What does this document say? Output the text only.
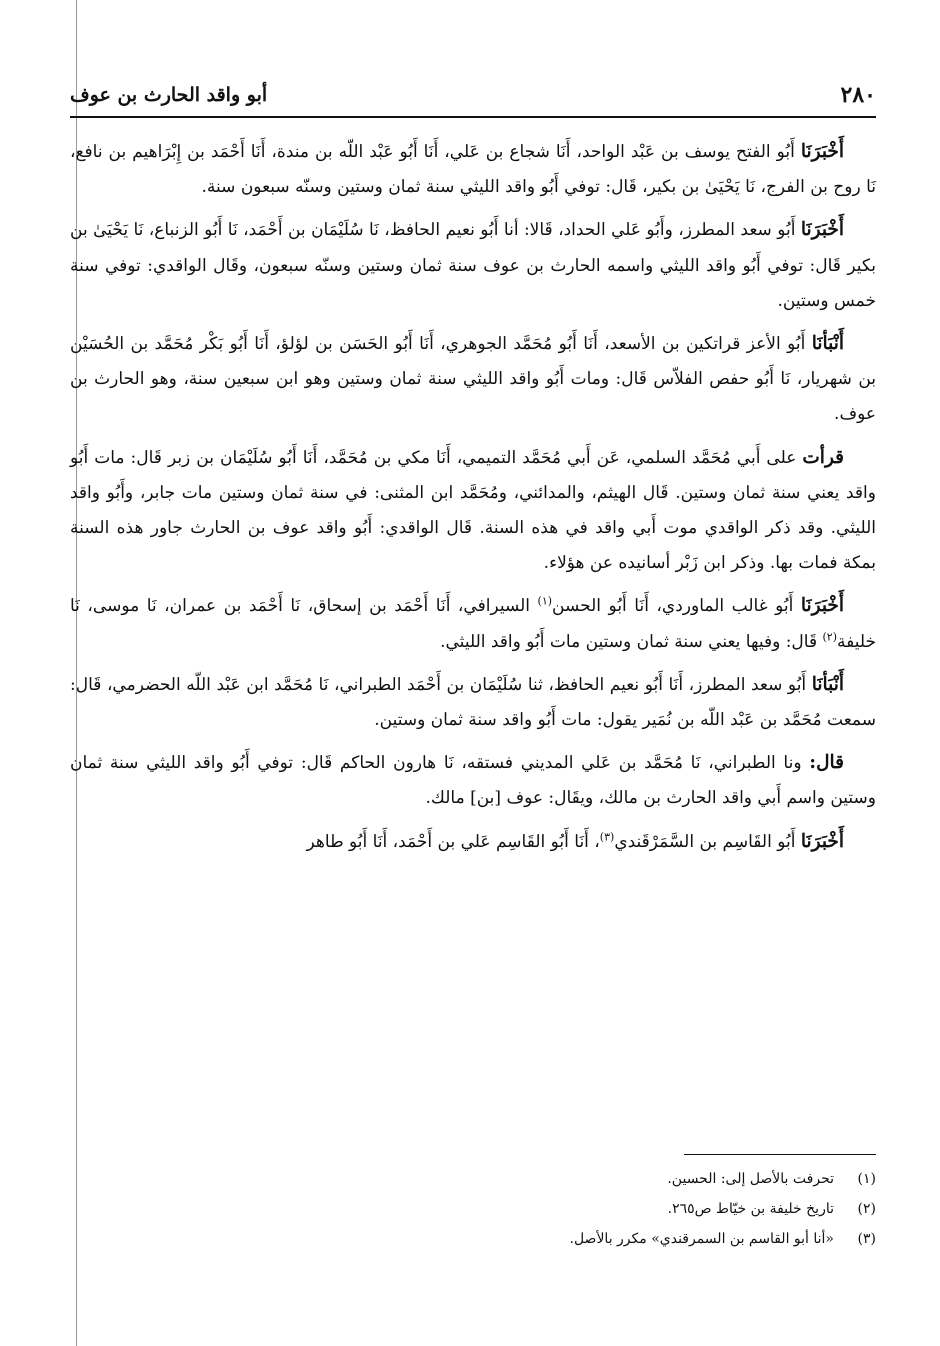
٢٨٠
أبو واقد الحارث بن عوف

أَخْبَرَنَا أَبُو الفتح يوسف بن عَبْد الواحد، أَنَا شجاع بن عَلي، أَنَا أَبُو عَبْد اللّه بن مندة، أَنَا أَحْمَد بن إِبْرَاهيم بن نافع، نَا روح بن الفرج، نَا يَحْيَىٰ بن بكير، قَال: توفي أَبُو واقد الليثي سنة ثمان وستين وسنّه سبعون سنة.

أَخْبَرَنَا أَبُو سعد المطرز، وأَبُو عَلي الحداد، قَالا: أنا أَبُو نعيم الحافظ، نَا سُلَيْمَان بن أَحْمَد، نَا أَبُو الزنباع، نَا يَحْيَىٰ بن بكير قَال: توفي أَبُو واقد الليثي واسمه الحارث بن عوف سنة ثمان وستين وسنّه سبعون، وقَال الواقدي: توفي سنة خمس وستين.

أَنْبَأنَا أَبُو الأعز قراتكين بن الأسعد، أَنَا أَبُو مُحَمَّد الجوهري، أَنَا أَبُو الحَسَن بن لؤلؤ، أَنَا أَبُو بَكْر مُحَمَّد بن الحُسَيْن بن شهريار، نَا أَبُو حفص الفلاّس قَال: ومات أَبُو واقد الليثي سنة ثمان وستين وهو ابن سبعين سنة، وهو الحارث بن عوف.

قرأت على أَبي مُحَمَّد السلمي، عَن أَبي مُحَمَّد التميمي، أَنَا مكي بن مُحَمَّد، أَنَا أَبُو سُلَيْمَان بن زبر قَال: مات أَبُو واقد يعني سنة ثمان وستين. قَال الهيثم، والمدائني، ومُحَمَّد ابن المثنى: في سنة ثمان وستين مات جابر، وأَبُو واقد الليثي. وقد ذكر الواقدي موت أَبي واقد في هذه السنة. قَال الواقدي: أَبُو واقد عوف بن الحارث جاور هذه السنة بمكة فمات بها. وذكر ابن زَبْر أسانيده عن هؤلاء.

أَخْبَرَنَا أَبُو غالب الماوردي، أَنَا أَبُو الحسن$^{(١)}$ السيرافي، أَنَا أَحْمَد بن إسحاق، نَا أَحْمَد بن عمران، نَا موسى، نَا خليفة$^{(٢)}$ قَال: وفيها يعني سنة ثمان وستين مات أَبُو واقد الليثي.

أَنْبَأنَا أَبُو سعد المطرز، أَنَا أَبُو نعيم الحافظ، ثنا سُلَيْمَان بن أَحْمَد الطبراني، نَا مُحَمَّد ابن عَبْد اللّه الحضرمي، قَال: سمعت مُحَمَّد بن عَبْد اللّه بن نُمَير يقول: مات أَبُو واقد سنة ثمان وستين.

قال: ونا الطبراني، نَا مُحَمَّد بن عَلي المديني فستقه، نَا هارون الحاكم قَال: توفي أَبُو واقد الليثي سنة ثمان وستين واسم أَبي واقد الحارث بن مالك، ويقَال: عوف [بن] مالك.

أَخْبَرَنَا أَبُو القَاسِم بن السَّمَرْقَندي$^{(٣)}$، أَنَا أَبُو القَاسِم عَلي بن أَحْمَد، أَنَا أَبُو طاهر

(١)
تحرفت بالأصل إلى: الحسين.
(٢)
تاريخ خليفة بن خيّاط ص٢٦٥.
(٣)
«أنا أبو القاسم بن السمرقندي» مكرر بالأصل.
